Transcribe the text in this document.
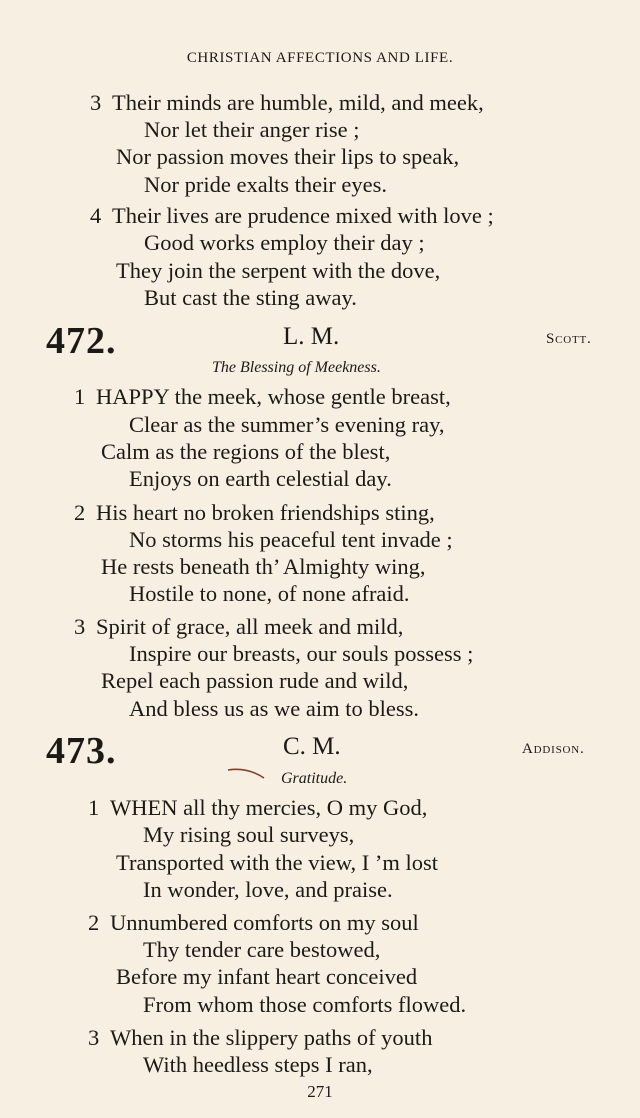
CHRISTIAN AFFECTIONS AND LIFE.
3 Their minds are humble, mild, and meek,
Nor let their anger rise ;
Nor passion moves their lips to speak,
Nor pride exalts their eyes.
4 Their lives are prudence mixed with love ;
Good works employ their day ;
They join the serpent with the dove,
But cast the sting away.
472.	L. M.	Scott.
The Blessing of Meekness.
1 HAPPY the meek, whose gentle breast,
Clear as the summer’s evening ray,
Calm as the regions of the blest,
Enjoys on earth celestial day.
2 His heart no broken friendships sting,
No storms his peaceful tent invade ;
He rests beneath th’ Almighty wing,
Hostile to none, of none afraid.
3 Spirit of grace, all meek and mild,
Inspire our breasts, our souls possess ;
Repel each passion rude and wild,
And bless us as we aim to bless.
473.	C. M.	Addison.
Gratitude.
1 WHEN all thy mercies, O my God,
My rising soul surveys,
Transported with the view, I ’m lost
In wonder, love, and praise.
2 Unnumbered comforts on my soul
Thy tender care bestowed,
Before my infant heart conceived
From whom those comforts flowed.
3 When in the slippery paths of youth
With heedless steps I ran,
271
